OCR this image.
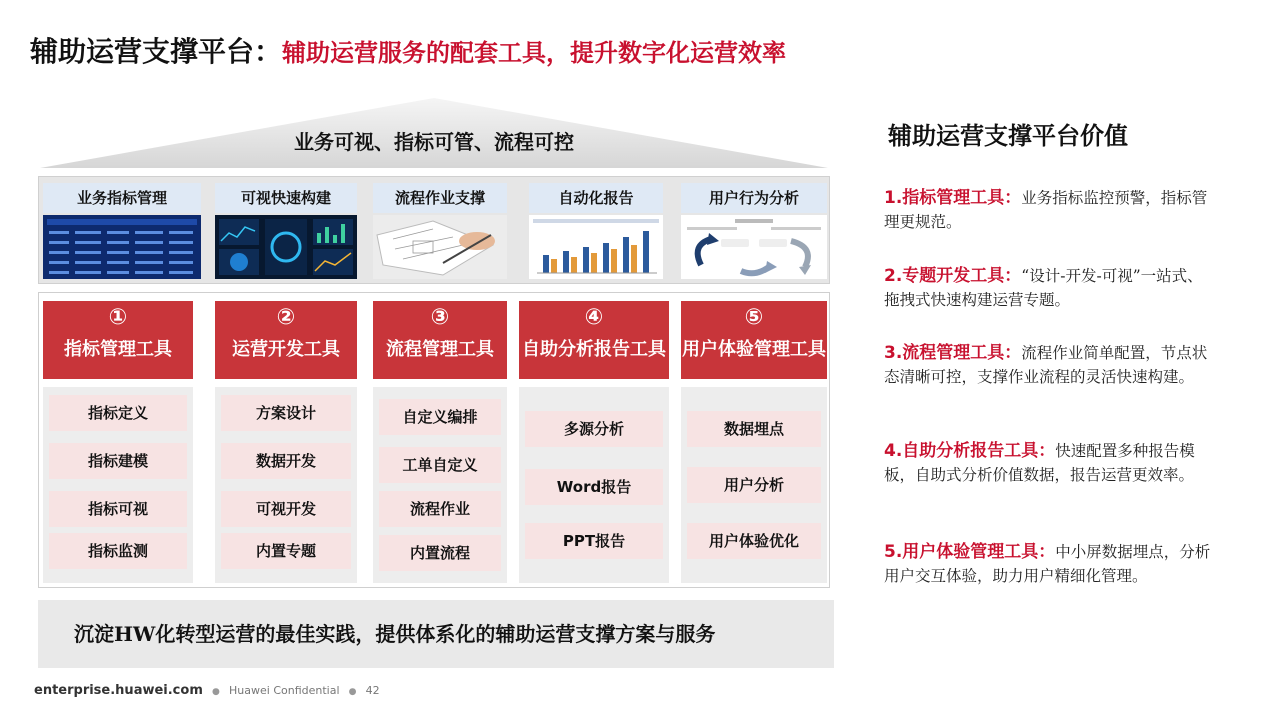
辅助运营支撑平台：辅助运营服务的配套工具，提升数字化运营效率
业务可视、指标可管、流程可控
业务指标管理	可视快速构建	流程作业支撑	自动化报告	用户行为分析
①
指标管理工具
指标定义
指标建模
指标可视
指标监测
②
运营开发工具
方案设计
数据开发
可视开发
内置专题
③
流程管理工具
自定义编排
工单自定义
流程作业
内置流程
④
自助分析报告工具
多源分析
Word报告
PPT报告
⑤
用户体验管理工具
数据埋点
用户分析
用户体验优化
沉淀HW化转型运营的最佳实践，提供体系化的辅助运营支撑方案与服务
enterprise.huawei.com ● Huawei Confidential ● 42
辅助运营支撑平台价值
1.指标管理工具：业务指标监控预警，指标管理更规范。
2.专题开发工具：“设计-开发-可视”一站式、拖拽式快速构建运营专题。
3.流程管理工具：流程作业简单配置，节点状态清晰可控，支撑作业流程的灵活快速构建。
4.自助分析报告工具：快速配置多种报告模板，自助式分析价值数据，报告运营更效率。
5.用户体验管理工具：中小屏数据埋点，分析用户交互体验，助力用户精细化管理。
